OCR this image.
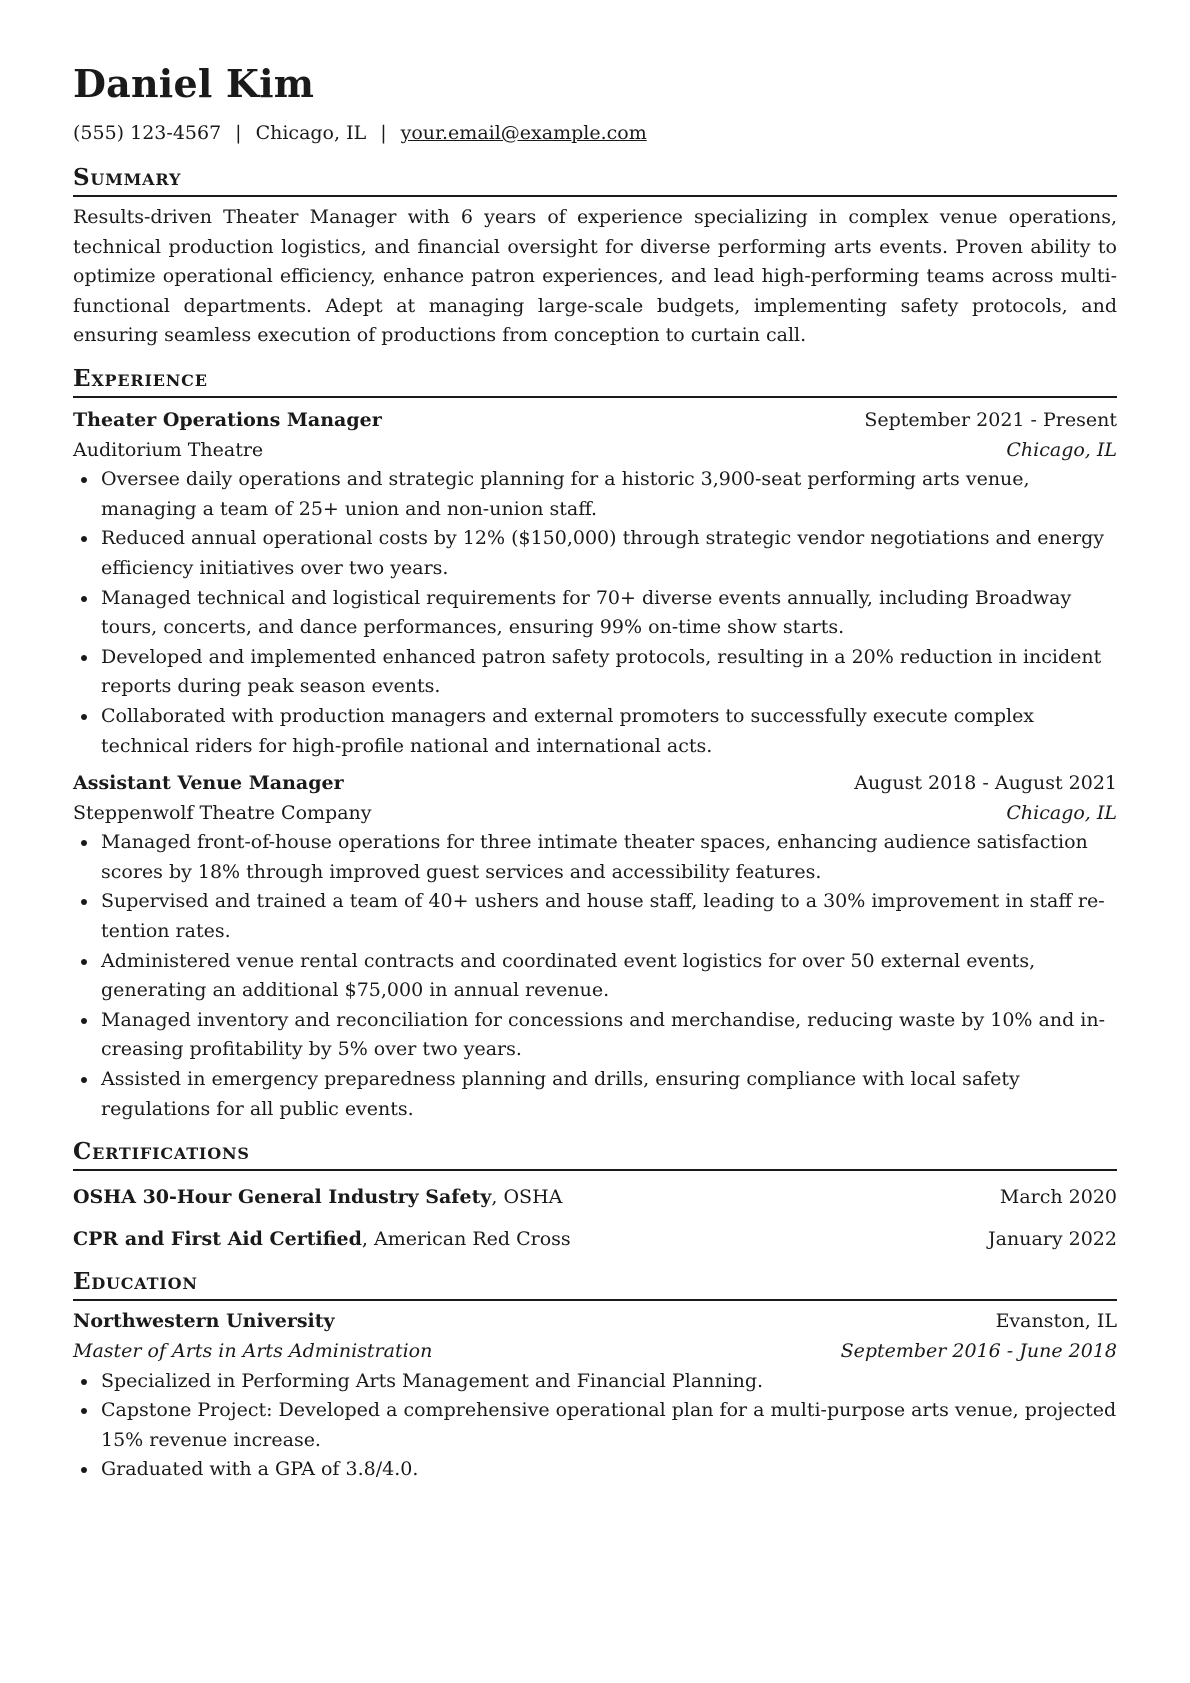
Daniel Kim
(555) 123-4567 | Chicago, IL | your.email@example.com
Summary

Results-driven Theater Manager with 6 years of experience specializing in complex venue operations, technical production logistics, and financial oversight for diverse performing arts events. Proven ability to optimize operational efficiency, enhance patron experiences, and lead high-performing teams across multi-functional departments. Adept at managing large-scale budgets, implementing safety protocols, and ensuring seamless execution of productions from conception to curtain call.

Experience
Theater Operations Manager	September 2021 - Present
Auditorium Theatre	Chicago, IL
Oversee daily operations and strategic planning for a historic 3,900-seat performing arts venue, managing a team of 25+ union and non-union staff.
Reduced annual operational costs by 12% ($150,000) through strategic vendor negotiations and energy efficiency initiatives over two years.
Managed technical and logistical requirements for 70+ diverse events annually, including Broadway tours, concerts, and dance performances, ensuring 99% on-time show starts.
Developed and implemented enhanced patron safety protocols, resulting in a 20% reduction in incident reports during peak season events.
Collaborated with production managers and external promoters to successfully execute complex technical riders for high-profile national and international acts.
Assistant Venue Manager	August 2018 - August 2021
Steppenwolf Theatre Company	Chicago, IL
Managed front-of-house operations for three intimate theater spaces, enhancing audience satisfaction scores by 18% through improved guest services and accessibility features.
Supervised and trained a team of 40+ ushers and house staff, leading to a 30% improvement in staff retention rates.
Administered venue rental contracts and coordinated event logistics for over 50 external events, generating an additional $75,000 in annual revenue.
Managed inventory and reconciliation for concessions and merchandise, reducing waste by 10% and increasing profitability by 5% over two years.
Assisted in emergency preparedness planning and drills, ensuring compliance with local safety regulations for all public events.
Certifications
OSHA 30-Hour General Industry Safety, OSHA	March 2020
CPR and First Aid Certified, American Red Cross	January 2022
Education
Northwestern University	Evanston, IL
Master of Arts in Arts Administration	September 2016 - June 2018
Specialized in Performing Arts Management and Financial Planning.
Capstone Project: Developed a comprehensive operational plan for a multi-purpose arts venue, projected 15% revenue increase.
Graduated with a GPA of 3.8/4.0.
